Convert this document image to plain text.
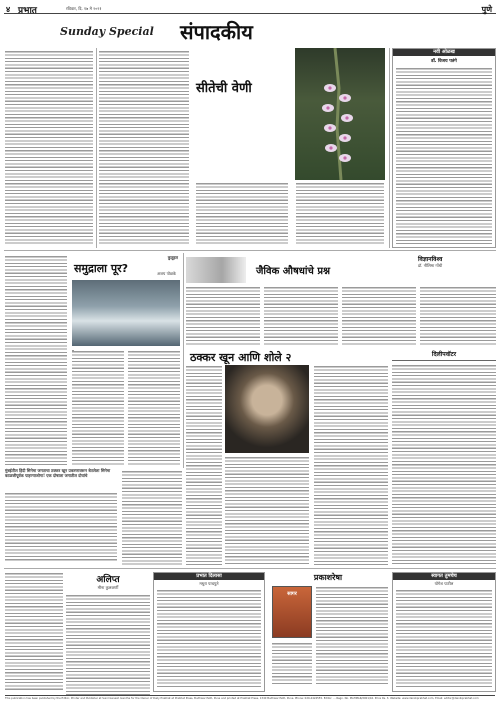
४ प्रभात	रविवार, दि. १७ मे २०२१	पुणे
Sunday Special संपादकीय
सीतेची वेणी
नवी ओळख
डॉ. विजय पतंगे
कुतूहल
समुद्राला पूर?	अजय पोळके
विज्ञानविश्व
डॉ. नीलिमा गोंधी
जैविक औषधांचे प्रश्न
ठक्कर खून आणि शोले २
मुंबईतील हिंदी सिनेमा जगताचा ठक्कर खून प्रकरणावरून बेतलेला सिनेमा काळजीपूर्वक पाहण्याजोगा! एक दोषाला जगातील दोघांचे
दिलीपवॉटर
अलिप्त
मीना कुलकर्णी
प्रभात दिलासा
मधुरा पाचपुते
प्रकाशरेषा
सागर
स्वागत तुमचेच
योगेश पाटील
This publication has been published by the Editor, Printer and Publisher at Sunil Ganesh Gandhe for the Owner of Daily Prabhat at Prabhat Press, Budhwar Peth, Pune and printed at Prabhat Press, 1340 Budhwar Peth, Pune. Phone: 020-4424555. Editor: ... Regn. No. MAHMAR/2001/42. Price Rs. 3. Website: www.dainikprabhat.com, Email: editor@dainikprabhat.com
